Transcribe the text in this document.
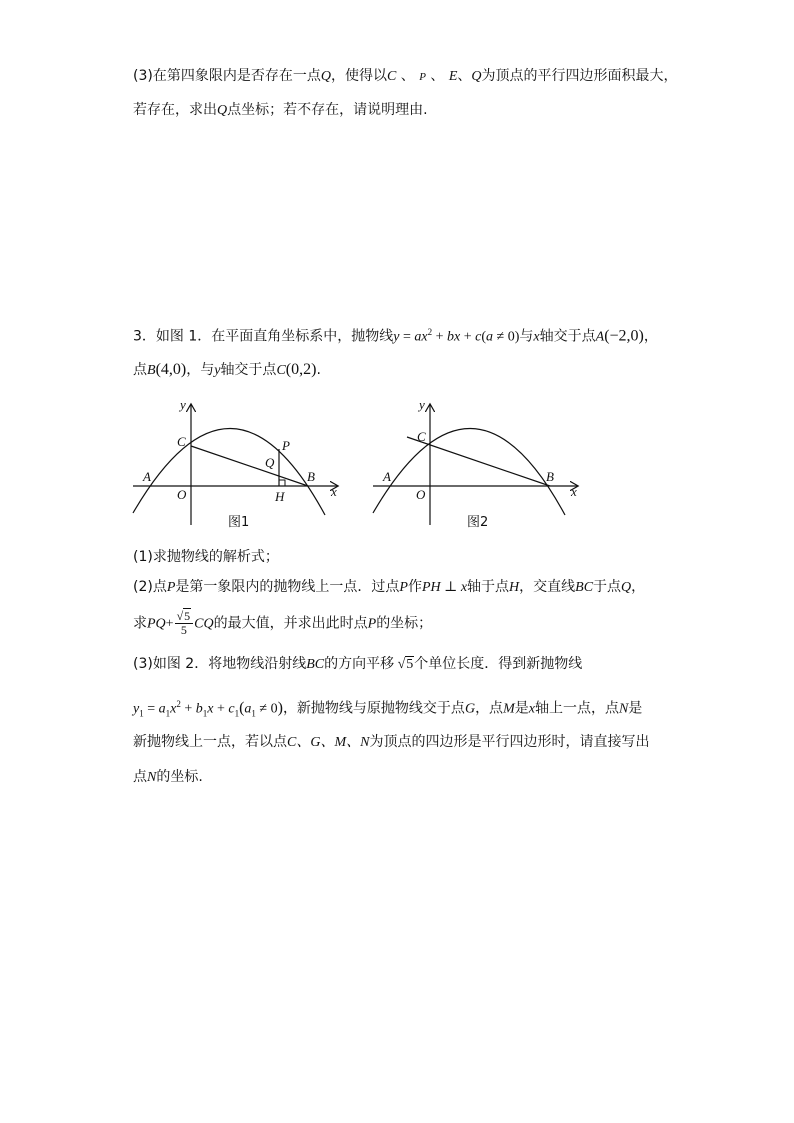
(3)在第四象限内是否存在一点Q，使得以C 、 P 、 E、Q为顶点的平行四边形面积最大，
若存在，求出Q点坐标；若不存在，请说明理由.
3．如图 1．在平面直角坐标系中，抛物线$y = ax^2$ + bx + c(a ≠ 0)与x轴交于点A(−2,0)，
点B(4,0)，与y轴交于点C(0,2).
y
x
O
A	B
C	P
Q
H
图1
y
x
O
A	B
C
图2
(1)求抛物线的解析式；
(2)点P是第一象限内的抛物线上一点．过点P作PH ⊥ x轴于点H，交直线BC于点Q，
求$PQ+ \frac{√5}{5}$ CQ的最大值，并求出此时点P的坐标；
(3)如图 2．将地物线沿射线BC的方向平移 √5个单位长度．得到新抛物线
$y_1 = a_1x^2 + b_1x + c_1(a_1 \ne 0)$，新抛物线与原抛物线交于点G，点M是x轴上一点，点N是
新抛物线上一点，若以点C、G、M、N为顶点的四边形是平行四边形时，请直接写出
点N的坐标.
